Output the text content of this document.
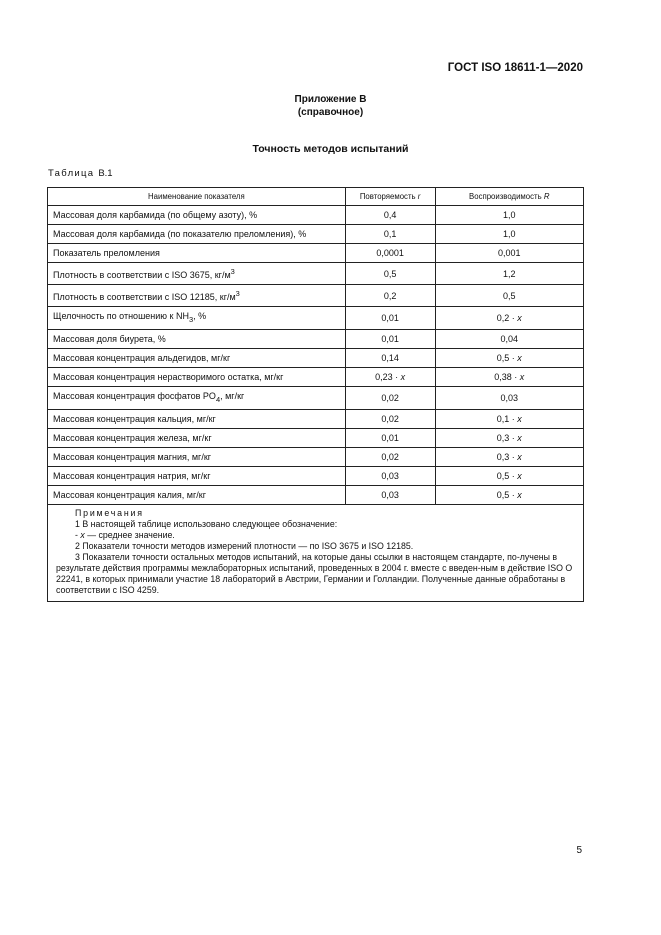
ГОСТ ISO 18611-1—2020
Приложение В
(справочное)
Точность методов испытаний
Таблица В.1
Наименование показателя	Повторяемость r	Воспроизводимость R
Массовая доля карбамида (по общему азоту), %	0,4	1,0
Массовая доля карбамида (по показателю преломления), %	0,1	1,0
Показатель преломления	0,0001	0,001
Плотность в соответствии с ISO 3675, $кг/м^3$	0,5	1,2
Плотность в соответствии с ISO 12185, $кг/м^3$	0,2	0,5
Щелочность по отношению к $NH_3$, %	0,01	0,2 · x
Массовая доля биурета, %	0,01	0,04
Массовая концентрация альдегидов, мг/кг	0,14	0,5 · x
Массовая концентрация нерастворимого остатка, мг/кг	0,23 · x	0,38 · x
Массовая концентрация фосфатов $PO_4$, мг/кг	0,02	0,03
Массовая концентрация кальция, мг/кг	0,02	0,1 · x
Массовая концентрация железа, мг/кг	0,01	0,3 · x
Массовая концентрация магния, мг/кг	0,02	0,3 · x
Массовая концентрация натрия, мг/кг	0,03	0,5 · x
Массовая концентрация калия, мг/кг	0,03	0,5 · x

Примечания

1 В настоящей таблице использовано следующее обозначение:

- x — среднее значение.

2 Показатели точности методов измерений плотности — по ISO 3675 и ISO 12185.

3 Показатели точности остальных методов испытаний, на которые даны ссылки в настоящем стандарте, по-лучены в результате действия программы межлабораторных испытаний, проведенных в 2004 г. вместе с введен-ным в действие ISO O 22241, в которых принимали участие 18 лабораторий в Австрии, Германии и Голландии. Полученные данные обработаны в соответствии с ISO 4259.		

5
